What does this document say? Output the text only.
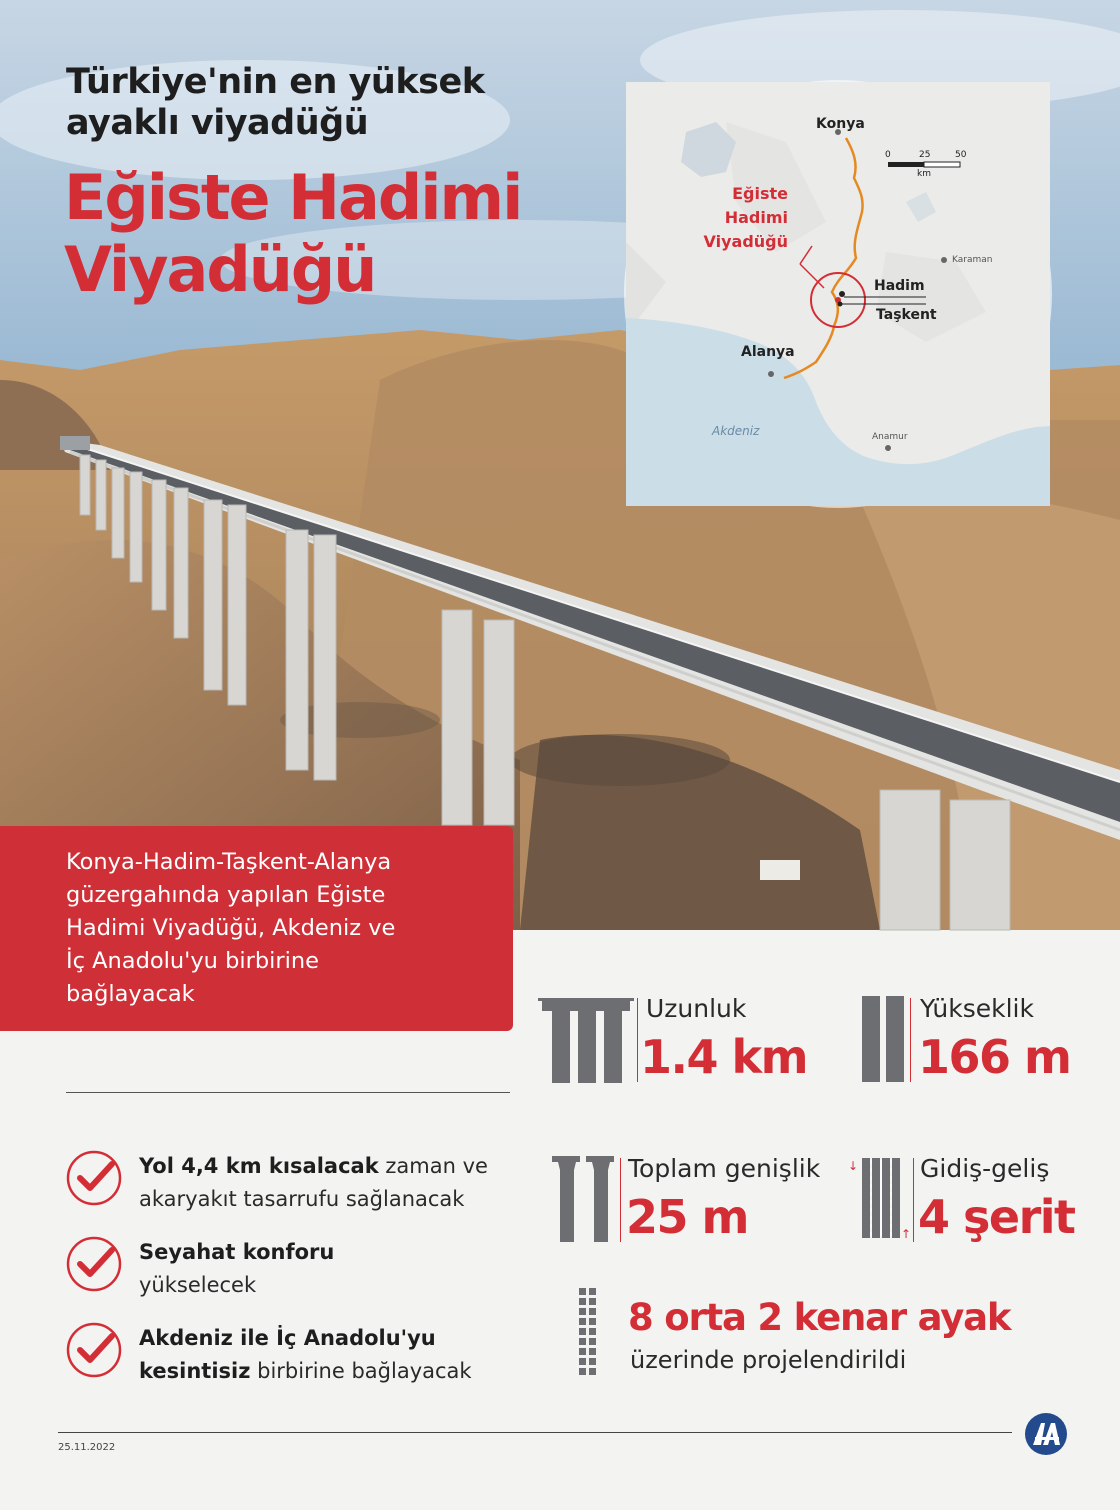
Türkiye'nin en yüksek
ayaklı viyadüğü
Eğiste Hadimi
Viyadüğü
Konya
Hadim
Taşkent
Alanya
Karaman
Anamur
Akdeniz
Eğiste
Hadimi
Viyadüğü
0	25	50
km
Konya-Hadim-Taşkent-Alanya
güzergahında yapılan Eğiste
Hadimi Viyadüğü, Akdeniz ve
İç Anadolu'yu birbirine
bağlayacak	Uzunluk
1.4 km
Yükseklik
166 m
Toplam genişlik
25 m
↓
↑
Gidiş-geliş
4 şerit
8 orta 2 kenar ayak
üzerinde projelendirildi
Yol 4,4 km kısalacak zaman ve
akaryakıt tasarrufu sağlanacak
Seyahat konforu
yükselecek
Akdeniz ile İç Anadolu'yu
kesintisiz birbirine bağlayacak
25.11.2022
